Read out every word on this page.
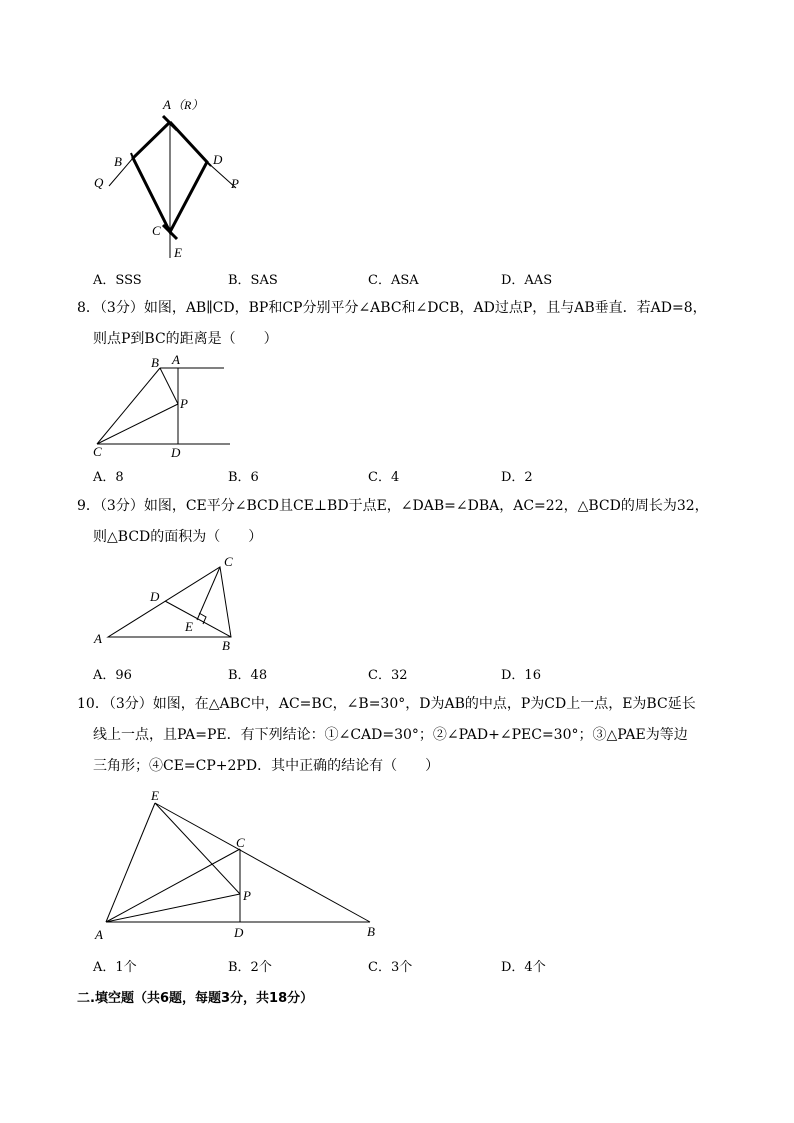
A （R）
B	D
Q	P
C
E
A．SSS	B．SAS	C．ASA	D．AAS
8．（3分）如图，AB∥CD，BP和CP分别平分∠ABC和∠DCB，AD过点P，且与AB垂直．若AD=8，
则点P到BC的距离是（　　）
B A
P
C	D
A．8	B．6	C．4	D．2
9．（3分）如图，CE平分∠BCD且CE⊥BD于点E，∠DAB=∠DBA，AC=22，△BCD的周长为32，
则△BCD的面积为（　　）
C
D
A
E
B
A．96	B．48	C．32	D．16
10．（3分）如图，在△ABC中，AC=BC，∠B=30°，D为AB的中点，P为CD上一点，E为BC延长
线上一点，且PA=PE．有下列结论：①∠CAD=30°；②∠PAD+∠PEC=30°；③△PAE为等边
三角形；④CE=CP+2PD．其中正确的结论有（　　）
E
C
P
A	D	B
A．1个	B．2个	C．3个	D．4个
二.填空题（共6题，每题3分，共18分）
